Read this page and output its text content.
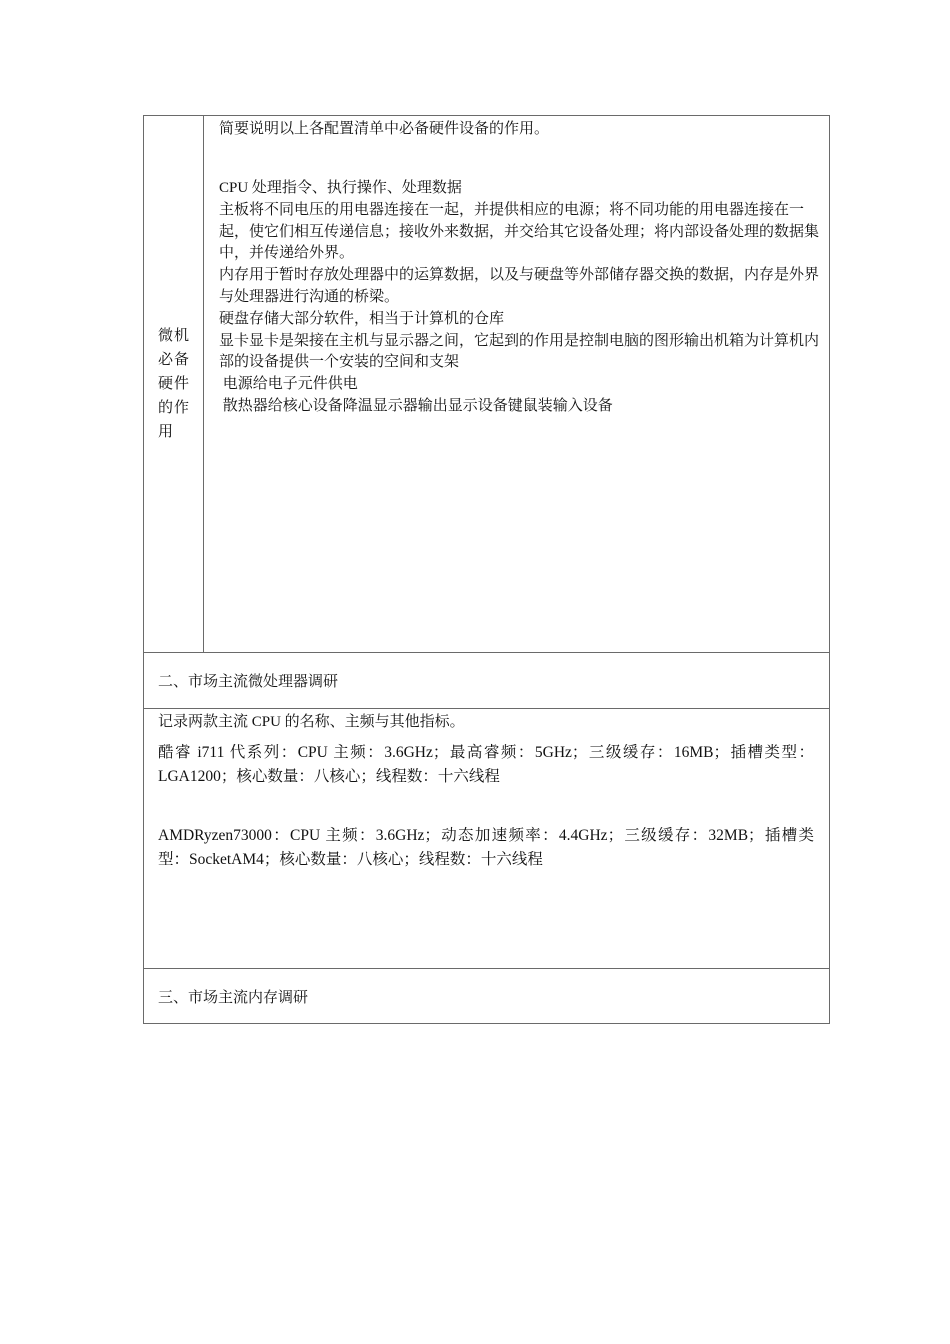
微机必备硬件的作用
简要说明以上各配置清单中必备硬件设备的作用。
CPU 处理指令、执行操作、处理数据
主板将不同电压的用电器连接在一起，并提供相应的电源；将不同功能的用电器连接在一起，使它们相互传递信息；接收外来数据，并交给其它设备处理；将内部设备处理的数据集中，并传递给外界。
内存用于暂时存放处理器中的运算数据，以及与硬盘等外部储存器交换的数据，内存是外界与处理器进行沟通的桥梁。
硬盘存储大部分软件，相当于计算机的仓库
显卡显卡是架接在主机与显示器之间，它起到的作用是控制电脑的图形输出机箱为计算机内部的设备提供一个安装的空间和支架
电源给电子元件供电
散热器给核心设备降温显示器输出显示设备键鼠装输入设备
二、市场主流微处理器调研
记录两款主流 CPU 的名称、主频与其他指标。
酷睿 i711 代系列：CPU 主频：3.6GHz；最高睿频：5GHz；三级缓存：16MB；插槽类型：LGA1200；核心数量：八核心；线程数：十六线程
AMDRyzen73000：CPU 主频：3.6GHz；动态加速频率：4.4GHz；三级缓存：32MB；插槽类型：SocketAM4；核心数量：八核心；线程数：十六线程
三、市场主流内存调研
